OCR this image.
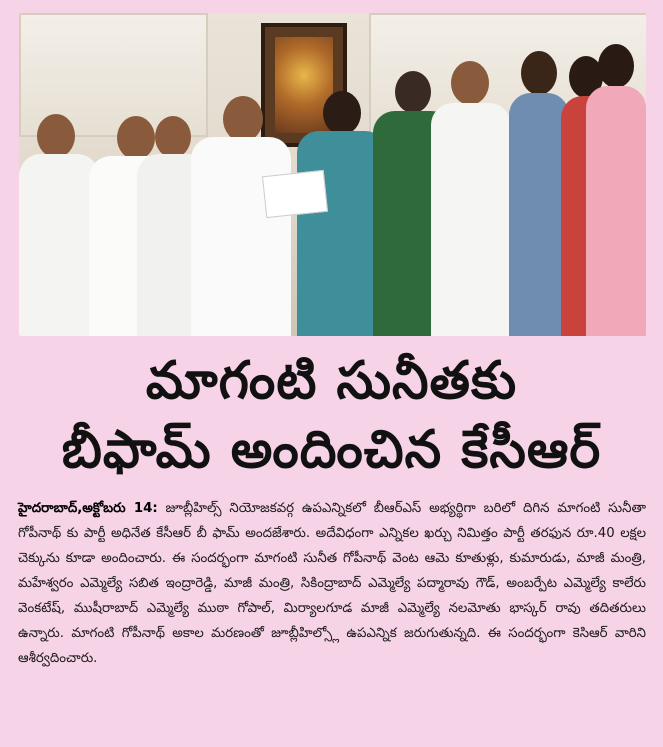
మాగంటి సునీతకు
బీఫామ్ అందించిన కేసీఆర్
హైదరాబాద్,అక్టోబరు 14: జూబ్లీహిల్స్ నియోజకవర్గ ఉపఎన్నికలో బీఆర్ఎస్ అభ్యర్థిగా బరిలో దిగిన మాగంటి సునీతా గోపీనాథ్ కు పార్టీ అధినేత కేసీఆర్ బీ ఫామ్ అందజేశారు. అదేవిధంగా ఎన్నికల ఖర్చు నిమిత్తం పార్టీ తరఫున రూ.40 లక్షల చెక్కును కూడా అందించారు. ఈ సందర్భంగా మాగంటి సునీత గోపీనాథ్ వెంట ఆమె కూతుళ్లు, కుమారుడు, మాజీ మంత్రి, మహేశ్వరం ఎమ్మెల్యే సబిత ఇంద్రారెడ్డి, మాజీ మంత్రి, సికింద్రాబాద్ ఎమ్మెల్యే పద్మారావు గౌడ్, అంబర్పేట ఎమ్మెల్యే కాలేరు వెంకటేష్, ముషీరాబాద్ ఎమ్మెల్యే ముఠా గోపాల్, మిర్యాలగూడ మాజీ ఎమ్మెల్యే నలమోతు భాస్కర్ రావు తదితరులు ఉన్నారు. మాగంటి గోపీనాథ్ అకాల మరణంతో జూబ్లీహిల్స్లో ఉపఎన్నిక జరుగుతున్నది. ఈ సందర్భంగా కెసిఆర్ వారిని ఆశీర్వదించారు.
